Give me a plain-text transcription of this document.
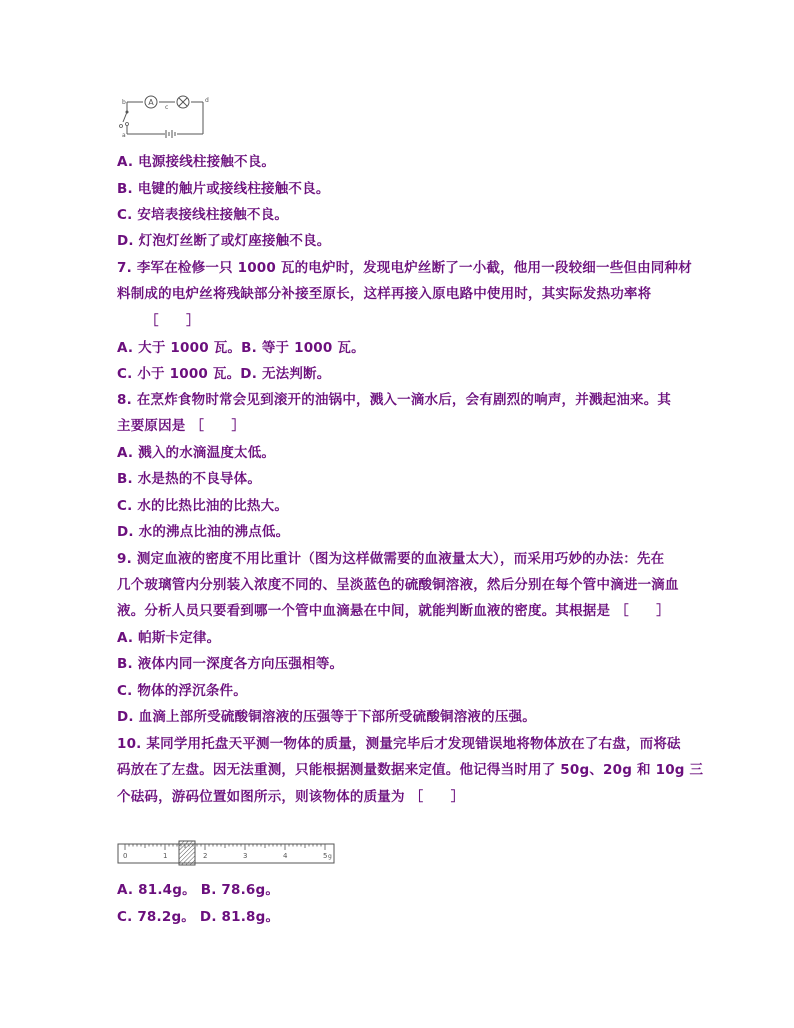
A
b
a
c
d
A. 电源接线柱接触不良。
B. 电键的触片或接线柱接触不良。
C. 安培表接线柱接触不良。
D. 灯泡灯丝断了或灯座接触不良。
7. 李军在检修一只 1000 瓦的电炉时，发现电炉丝断了一小截，他用一段较细一些但由同种材
料制成的电炉丝将残缺部分补接至原长，这样再接入原电路中使用时，其实际发热功率将
［　　］
A. 大于 1000 瓦。B. 等于 1000 瓦。
C. 小于 1000 瓦。D. 无法判断。
8. 在烹炸食物时常会见到滚开的油锅中，溅入一滴水后，会有剧烈的响声，并溅起油来。其
主要原因是 ［　　］
A. 溅入的水滴温度太低。
B. 水是热的不良导体。
C. 水的比热比油的比热大。
D. 水的沸点比油的沸点低。
9. 测定血液的密度不用比重计（图为这样做需要的血液量太大），而采用巧妙的办法：先在
几个玻璃管内分别装入浓度不同的、呈淡蓝色的硫酸铜溶液，然后分别在每个管中滴进一滴血
液。分析人员只要看到哪一个管中血滴悬在中间，就能判断血液的密度。其根据是 ［　　］
A. 帕斯卡定律。
B. 液体内同一深度各方向压强相等。
C. 物体的浮沉条件。
D. 血滴上部所受硫酸铜溶液的压强等于下部所受硫酸铜溶液的压强。
10. 某同学用托盘天平测一物体的质量，测量完毕后才发现错误地将物体放在了右盘，而将砝
码放在了左盘。因无法重测，只能根据测量数据来定值。他记得当时用了 50g、20g 和 10g 三
个砝码，游码位置如图所示，则该物体的质量为 ［　　］
0	1	2	3	4	5 g
A. 81.4g。 B. 78.6g。
C. 78.2g。 D. 81.8g。
